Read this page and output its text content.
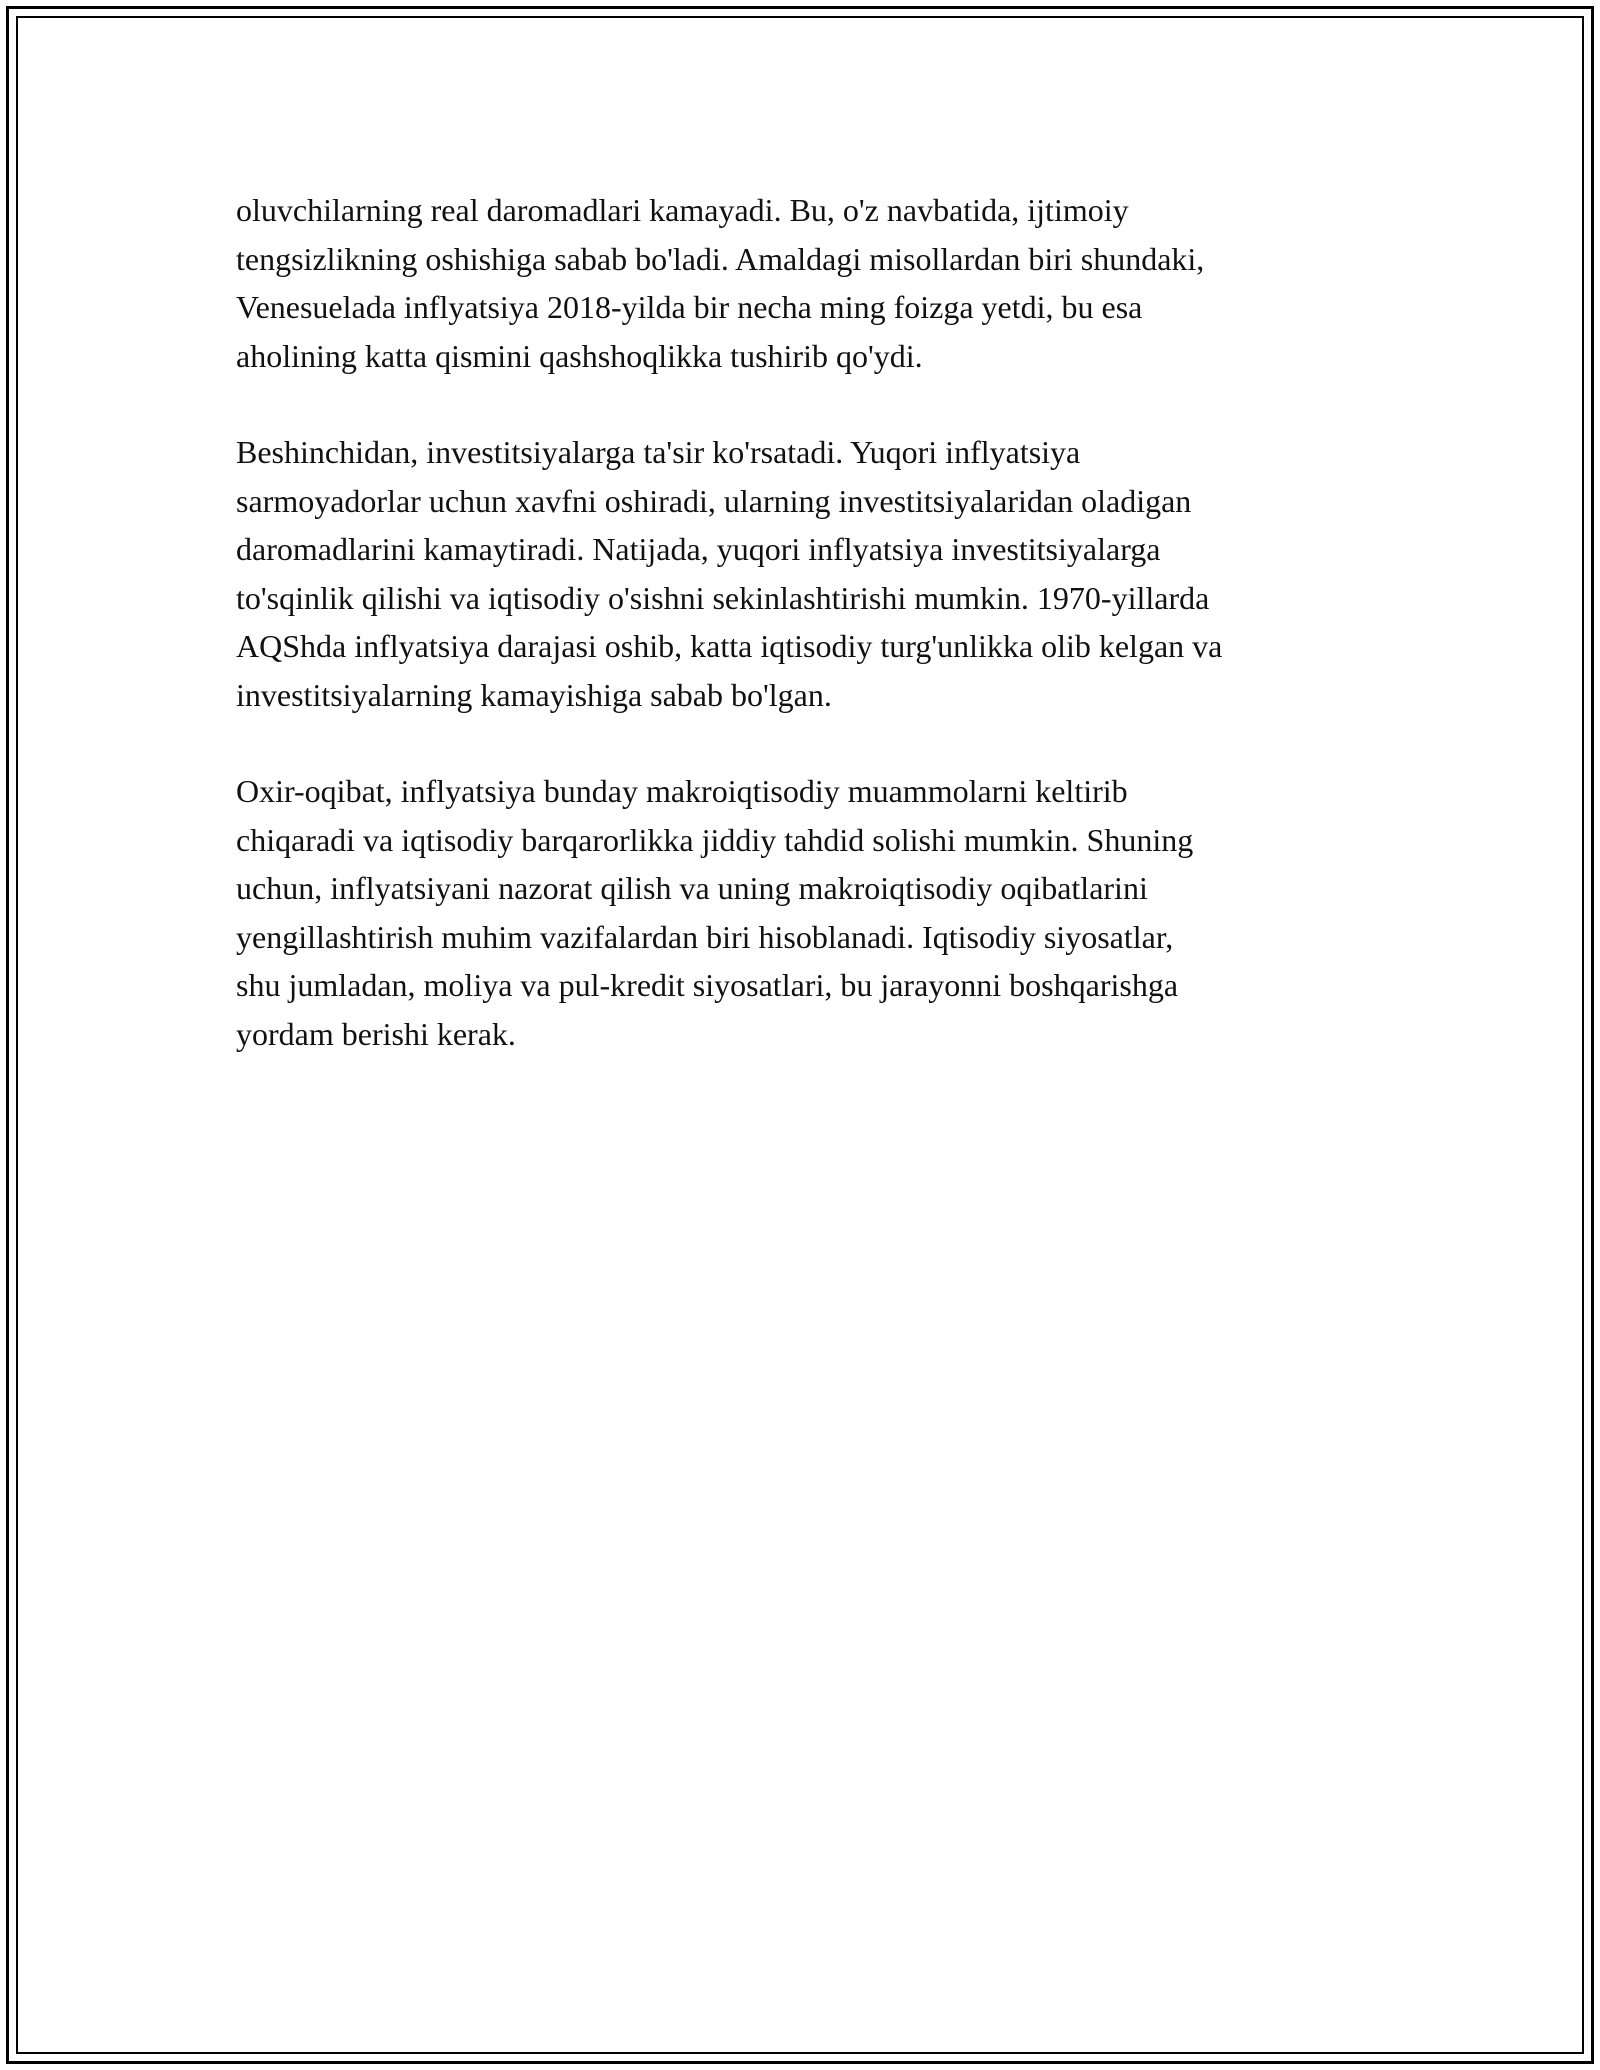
oluvchilarning real daromadlari kamayadi. Bu, o'z navbatida, ijtimoiy
tengsizlikning oshishiga sabab bo'ladi. Amaldagi misollardan biri shundaki,
Venesuelada inflyatsiya 2018-yilda bir necha ming foizga yetdi, bu esa
aholining katta qismini qashshoqlikka tushirib qo'ydi.

Beshinchidan, investitsiyalarga ta'sir ko'rsatadi. Yuqori inflyatsiya
sarmoyadorlar uchun xavfni oshiradi, ularning investitsiyalaridan oladigan
daromadlarini kamaytiradi. Natijada, yuqori inflyatsiya investitsiyalarga
to'sqinlik qilishi va iqtisodiy o'sishni sekinlashtirishi mumkin. 1970-yillarda
AQShda inflyatsiya darajasi oshib, katta iqtisodiy turg'unlikka olib kelgan va
investitsiyalarning kamayishiga sabab bo'lgan.

Oxir-oqibat, inflyatsiya bunday makroiqtisodiy muammolarni keltirib
chiqaradi va iqtisodiy barqarorlikka jiddiy tahdid solishi mumkin. Shuning
uchun, inflyatsiyani nazorat qilish va uning makroiqtisodiy oqibatlarini
yengillashtirish muhim vazifalardan biri hisoblanadi. Iqtisodiy siyosatlar,
shu jumladan, moliya va pul-kredit siyosatlari, bu jarayonni boshqarishga
yordam berishi kerak.
